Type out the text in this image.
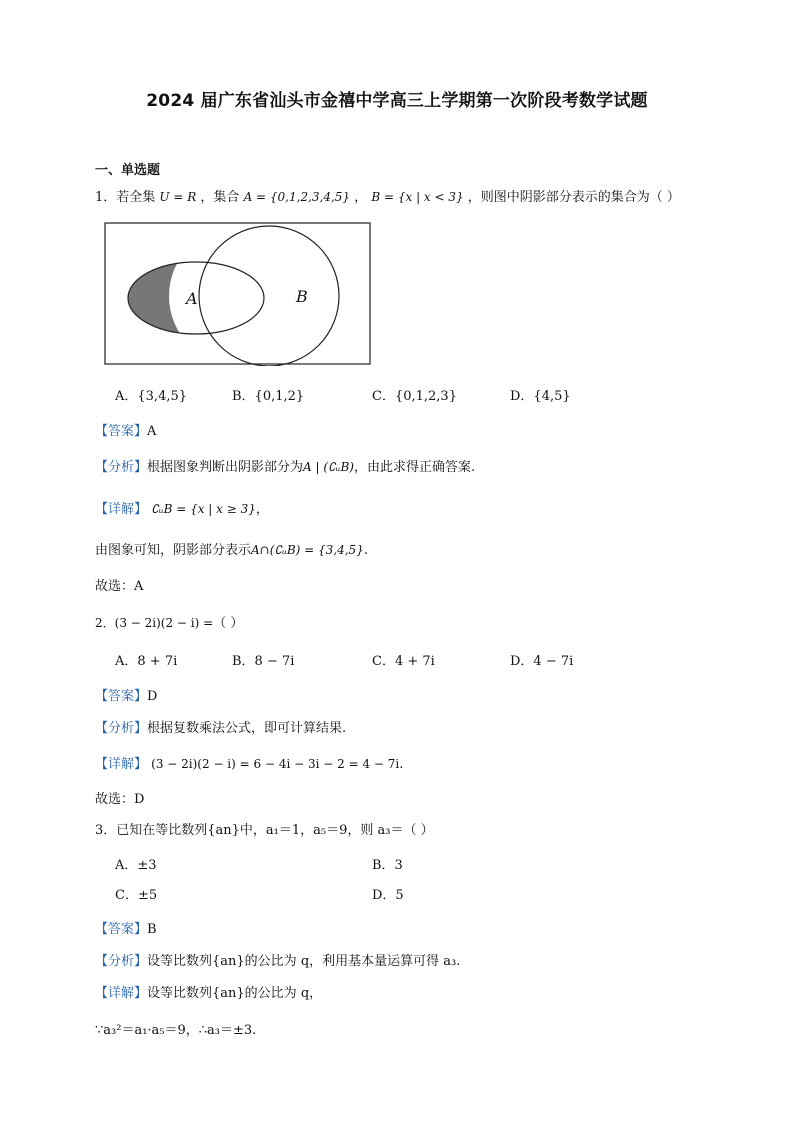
2024 届广东省汕头市金禧中学高三上学期第一次阶段考数学试题
一、单选题
1．若全集 U = R ，集合 A = {0,1,2,3,4,5} ， B = {x | x < 3} ，则图中阴影部分表示的集合为（ ）
A	B
A．{3,4,5}	B．{0,1,2}	C．{0,1,2,3}	D．{4,5}
【答案】A
【分析】根据图象判断出阴影部分为A | (∁ᵤB)，由此求得正确答案.
【详解】 ∁ᵤB = {x | x ≥ 3}，
由图象可知，阴影部分表示A∩(∁ᵤB) = {3,4,5}.
故选：A
2．(3 − 2i)(2 − i) =（ ）
A．8 + 7i	B．8 − 7i	C．4 + 7i	D．4 − 7i
【答案】D
【分析】根据复数乘法公式，即可计算结果.
【详解】 (3 − 2i)(2 − i) = 6 − 4i − 3i − 2 = 4 − 7i.
故选：D
3．已知在等比数列{an}中，a₁＝1，a₅＝9，则 a₃＝（ ）
A．±3	B．3
C．±5	D．5
【答案】B
【分析】设等比数列{an}的公比为 q，利用基本量运算可得 a₃.
【详解】设等比数列{an}的公比为 q，
∵a₃²＝a₁·a₅＝9，∴a₃＝±3.
